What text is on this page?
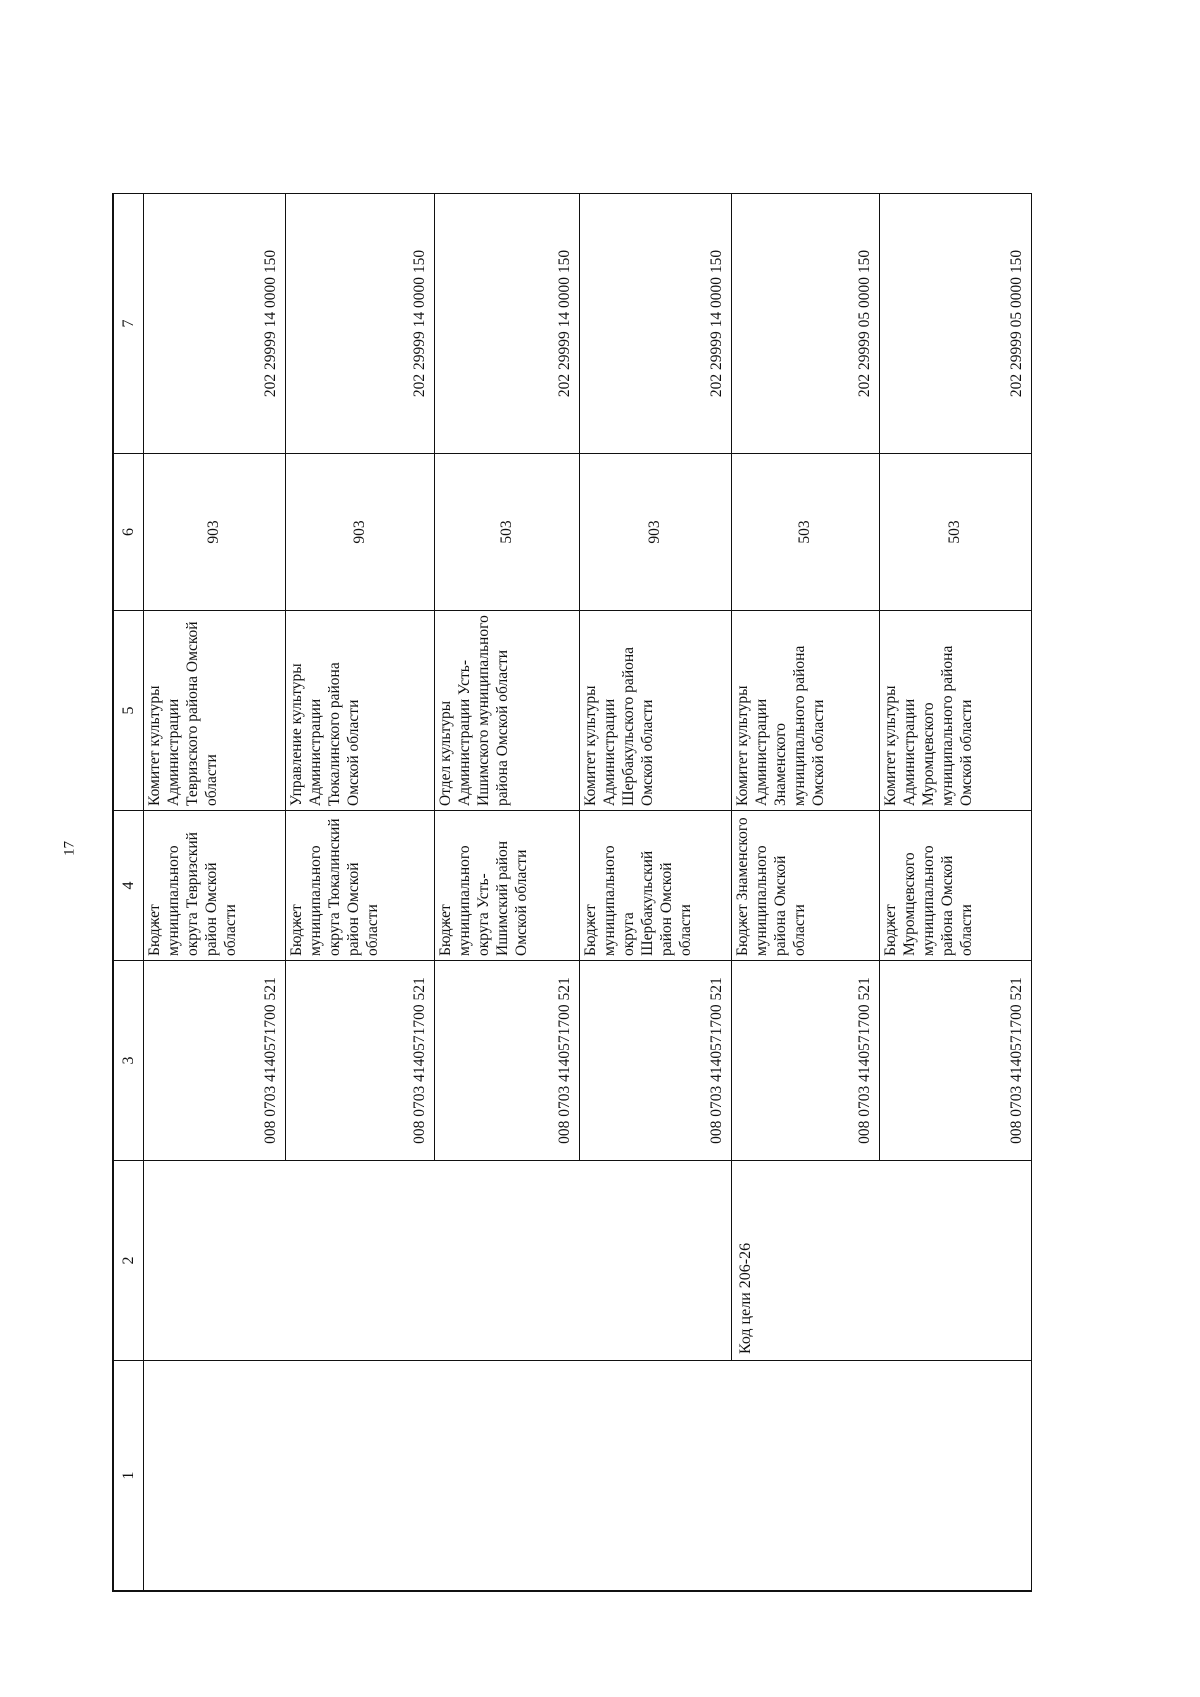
17
1
2
3
4
5
6
7
Код цели 206-26
008 0703 4140571700 521
Бюджет муниципального округа Тевризский район Омской области
Комитет культуры Администрации Тевризского района Омской области
903
202 29999 14 0000 150
008 0703 4140571700 521
Бюджет муниципального округа Тюкалинский район Омской области
Управление культуры Администрации Тюкалинского района Омской области
903
202 29999 14 0000 150
008 0703 4140571700 521
Бюджет муниципального округа Усть-Ишимский район Омской области
Отдел культуры Администрации Усть-Ишимского муниципального района Омской области
503
202 29999 14 0000 150
008 0703 4140571700 521
Бюджет муниципального округа Шербакульский район Омской области
Комитет культуры Администрации Шербакульского района Омской области
903
202 29999 14 0000 150
008 0703 4140571700 521
Бюджет Знаменского муниципального района Омской области
Комитет культуры Администрации Знаменского муниципального района Омской области
503
202 29999 05 0000 150
008 0703 4140571700 521
Бюджет Муромцевского муниципального района Омской области
Комитет культуры Администрации Муромцевского муниципального района Омской области
503
202 29999 05 0000 150
